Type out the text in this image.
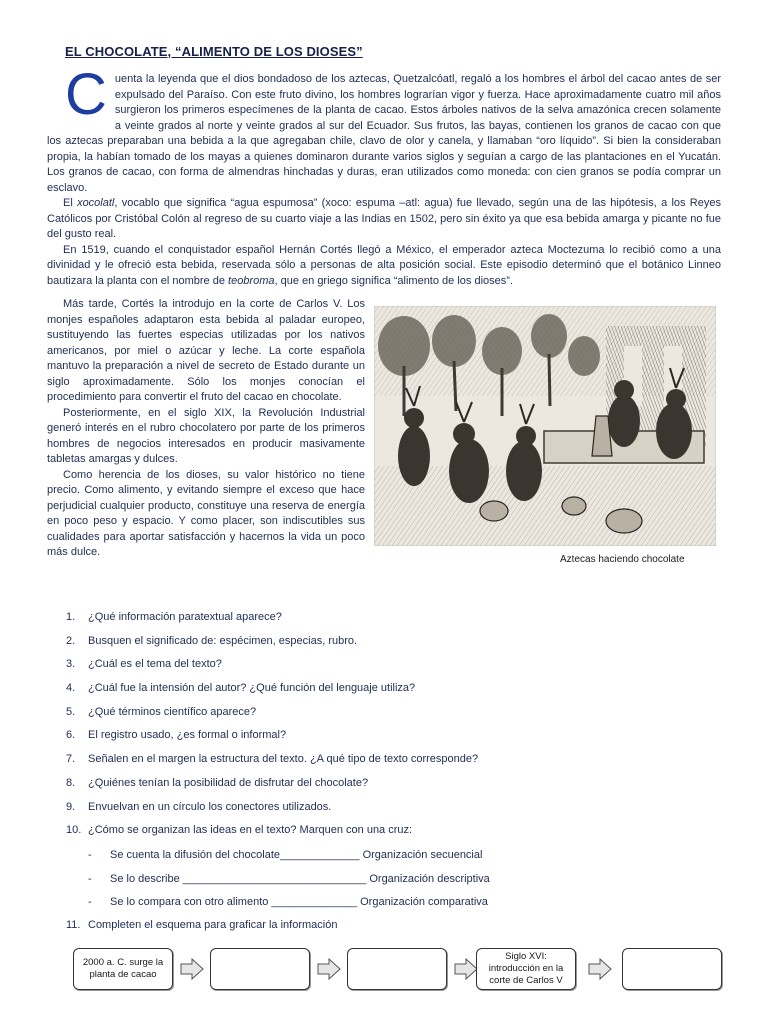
EL CHOCOLATE, “ALIMENTO DE LOS DIOSES”

Cuenta la leyenda que el dios bondadoso de los aztecas, Quetzalcóatl, regaló a los hombres el árbol del cacao antes de ser expulsado del Paraíso. Con este fruto divino, los hombres lograrían vigor y fuerza. Hace aproximadamente cuatro mil años surgieron los primeros especímenes de la planta de cacao. Estos árboles nativos de la selva amazónica crecen solamente a veinte grados al norte y veinte grados al sur del Ecuador. Sus frutos, las bayas, contienen los granos de cacao con que los aztecas preparaban una bebida a la que agregaban chile, clavo de olor y canela, y llamaban “oro líquido”. Si bien la consideraban propia, la habían tomado de los mayas a quienes dominaron durante varios siglos y seguían a cargo de las plantaciones en el Yucatán. Los granos de cacao, con forma de almendras hinchadas y duras, eran utilizados como moneda: con cien granos se podía comprar un esclavo.

El xocolatl, vocablo que significa “agua espumosa” (xoco: espuma –atl: agua) fue llevado, según una de las hipótesis, a los Reyes Católicos por Cristóbal Colón al regreso de su cuarto viaje a las Indias en 1502, pero sin éxito ya que esa bebida amarga y picante no fue del gusto real.

En 1519, cuando el conquistador español Hernán Cortés llegó a México, el emperador azteca Moctezuma lo recibió como a una divinidad y le ofreció esta bebida, reservada sólo a personas de alta posición social. Este episodio determinó que el botánico Linneo bautizara la planta con el nombre de teobroma, que en griego significa “alimento de los dioses”.

Más tarde, Cortés la introdujo en la corte de Carlos V. Los monjes españoles adaptaron esta bebida al paladar europeo, sustituyendo las fuertes especias utilizadas por los nativos americanos, por miel o azúcar y leche. La corte española mantuvo la preparación a nivel de secreto de Estado durante un siglo aproximadamente. Sólo los monjes conocían el procedimiento para convertir el fruto del cacao en chocolate.

Posteriormente, en el siglo XIX, la Revolución Industrial generó interés en el rubro chocolatero por parte de los primeros hombres de negocios interesados en producir masivamente tabletas amargas y dulces.

Como herencia de los dioses, su valor histórico no tiene precio. Como alimento, y evitando siempre el exceso que hace perjudicial cualquier producto, constituye una reserva de energía en poco peso y espacio. Y como placer, son indiscutibles sus cualidades para aportar satisfacción y hacernos la vida un poco más dulce.

Aztecas haciendo chocolate
1.	¿Qué información paratextual aparece?
2.	Busquen el significado de: espécimen, especias, rubro.
3.	¿Cuál es el tema del texto?
4.	¿Cuál fue la intensión del autor? ¿Qué función del lenguaje utiliza?
5.	¿Qué términos científico aparece?
6.	El registro usado, ¿es formal o informal?
7.	Señalen en el margen la estructura del texto. ¿A qué tipo de texto corresponde?
8.	¿Quiénes tenían la posibilidad de disfrutar del chocolate?
9.	Envuelvan en un círculo los conectores utilizados.
10. ¿Cómo se organizan las ideas en el texto? Marquen con una cruz:
-	Se cuenta la difusión del chocolate_____________ Organización secuencial
-	Se lo describe ______________________________ Organización descriptiva
-	Se lo compara con otro alimento ______________ Organización comparativa
11. Completen el esquema para graficar la información
2000 a. C. surge la planta de cacao
Siglo XVI: introducción en la corte de Carlos V
